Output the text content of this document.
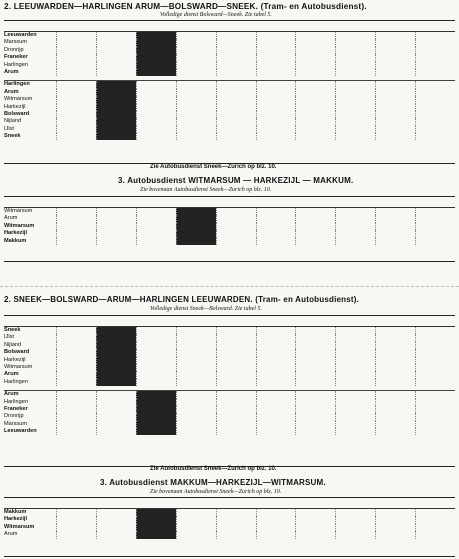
2. LEEUWARDEN—HARLINGEN ARUM—BOLSWARD—SNEEK. (Tram- en Autobusdienst).
Volledige dienst Bolsward—Sneek. Zie tabel 5.
Leeuwarden
Marssum
Dronrijp
Franeker
Harlingen
Arum
Harlingen
Arum
Witmarsum
Harkezijl
Bolsward
Nijland
IJlst
Sneek
Zie Autobusdienst Sneek—Zurich op blz. 10.
3. Autobusdienst WITMARSUM — HARKEZIJL — MAKKUM.
Zie bovenaan Autobusdienst Sneek—Zurich op blz. 10.
Witmarsum
Arum
Witmarsum
Harkezijl
Makkum
2. SNEEK—BOLSWARD—ARUM—HARLINGEN LEEUWARDEN. (Tram- en Autobusdienst).
Volledige dienst Sneek—Bolsward. Zie tabel 5.
Sneek
IJlst
Nijland
Bolsward
Harkezijl
Witmarsum
Arum
Harlingen
Arum
Harlingen
Franeker
Dronrijp
Marssum
Leeuwarden
Zie Autobusdienst Sneek—Zurich op blz. 10.
3. Autobusdienst MAKKUM—HARKEZIJL—WITMARSUM.
Zie bovenaan Autobusdienst Sneek—Zurich op blz. 10.
Makkum
Harkezijl
Witmarsum
Arum
